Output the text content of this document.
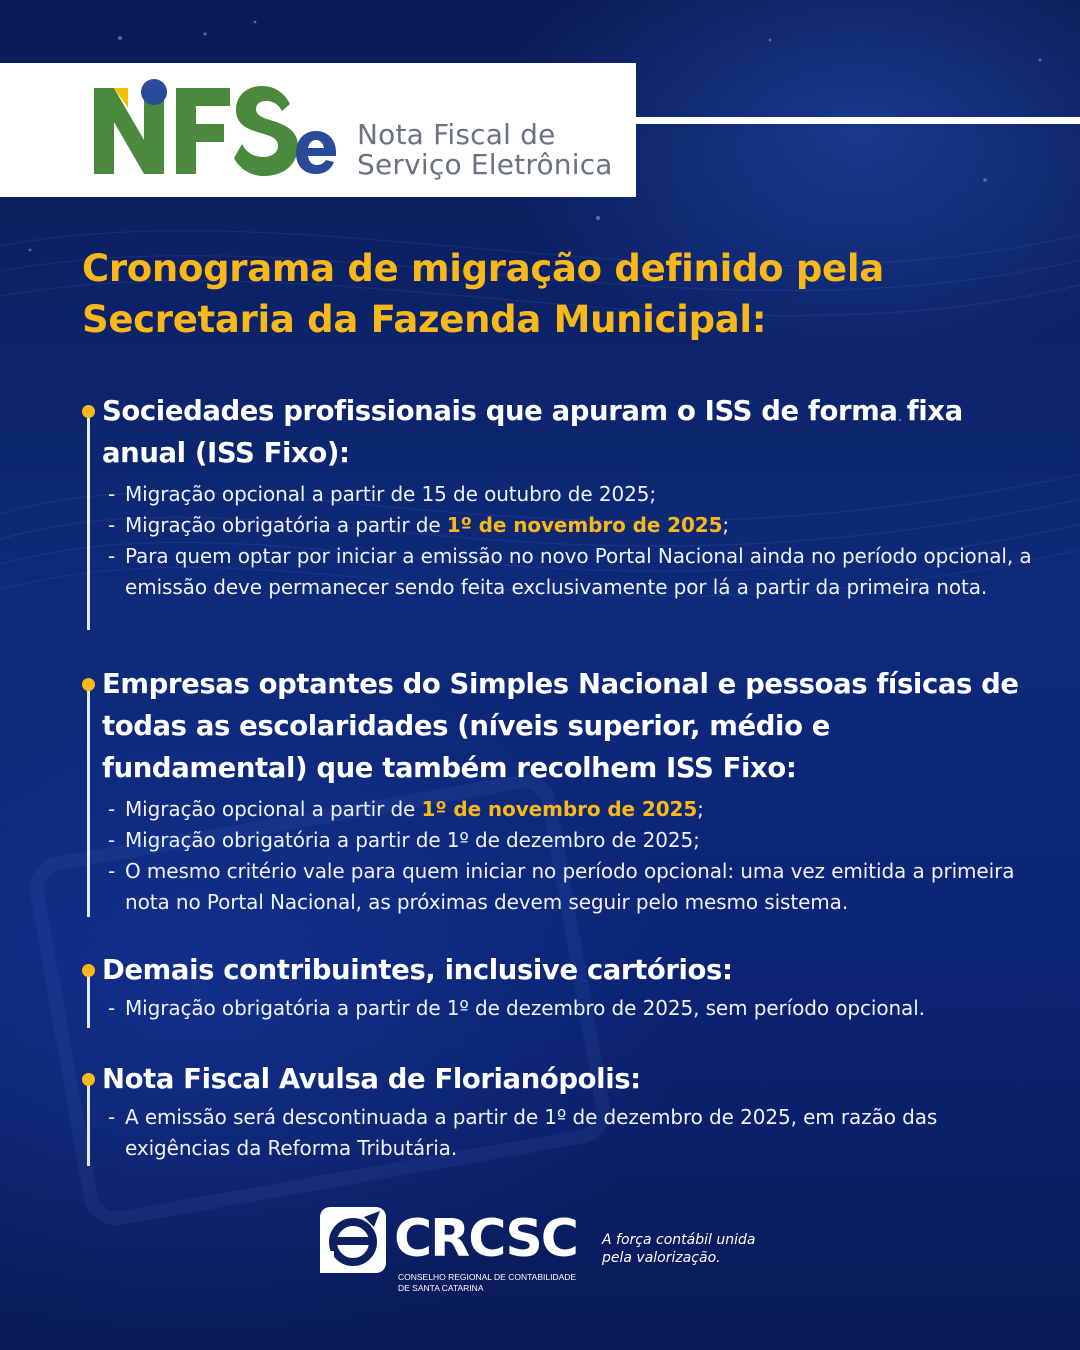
Nota Fiscal de
Serviço Eletrônica
Cronograma de migração definido pela Secretaria da Fazenda Municipal:
Sociedades profissionais que apuram o ISS de forma fixa anual (ISS Fixo):
- Migração opcional a partir de 15 de outubro de 2025;
- Migração obrigatória a partir de 1º de novembro de 2025;
- Para quem optar por iniciar a emissão no novo Portal Nacional ainda no período opcional, a emissão deve permanecer sendo feita exclusivamente por lá a partir da primeira nota.
Empresas optantes do Simples Nacional e pessoas físicas de todas as escolaridades (níveis superior, médio e fundamental) que também recolhem ISS Fixo:
- Migração opcional a partir de 1º de novembro de 2025;
- Migração obrigatória a partir de 1º de dezembro de 2025;
- O mesmo critério vale para quem iniciar no período opcional: uma vez emitida a primeira nota no Portal Nacional, as próximas devem seguir pelo mesmo sistema.
Demais contribuintes, inclusive cartórios:
- Migração obrigatória a partir de 1º de dezembro de 2025, sem período opcional.
Nota Fiscal Avulsa de Florianópolis:
- A emissão será descontinuada a partir de 1º de dezembro de 2025, em razão das exigências da Reforma Tributária.
CRCSC
CONSELHO REGIONAL DE CONTABILIDADE
DE SANTA CATARINA
A força contábil unida
pela valorização.
